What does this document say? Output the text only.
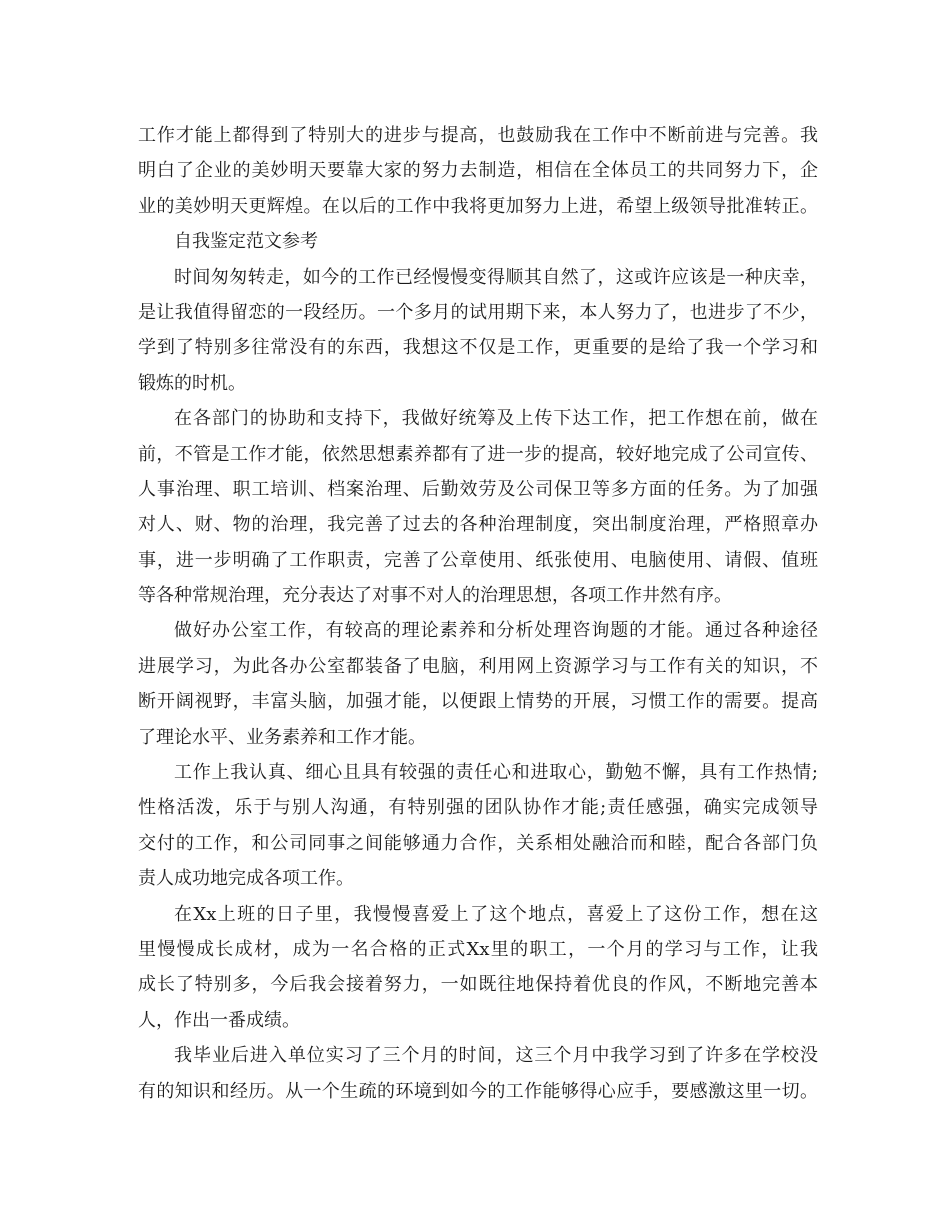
工作才能上都得到了特别大的进步与提高，也鼓励我在工作中不断前进与完善。我
明白了企业的美妙明天要靠大家的努力去制造，相信在全体员工的共同努力下，企
业的美妙明天更辉煌。在以后的工作中我将更加努力上进，希望上级领导批准转正。
自我鉴定范文参考
时间匆匆转走，如今的工作已经慢慢变得顺其自然了，这或许应该是一种庆幸，
是让我值得留恋的一段经历。一个多月的试用期下来，本人努力了，也进步了不少，
学到了特别多往常没有的东西，我想这不仅是工作，更重要的是给了我一个学习和
锻炼的时机。
在各部门的协助和支持下，我做好统筹及上传下达工作，把工作想在前，做在
前，不管是工作才能，依然思想素养都有了进一步的提高，较好地完成了公司宣传、
人事治理、职工培训、档案治理、后勤效劳及公司保卫等多方面的任务。为了加强
对人、财、物的治理，我完善了过去的各种治理制度，突出制度治理，严格照章办
事，进一步明确了工作职责，完善了公章使用、纸张使用、电脑使用、请假、值班
等各种常规治理，充分表达了对事不对人的治理思想，各项工作井然有序。
做好办公室工作，有较高的理论素养和分析处理咨询题的才能。通过各种途径
进展学习，为此各办公室都装备了电脑，利用网上资源学习与工作有关的知识，不
断开阔视野，丰富头脑，加强才能，以便跟上情势的开展，习惯工作的需要。提高
了理论水平、业务素养和工作才能。
工作上我认真、细心且具有较强的责任心和进取心，勤勉不懈，具有工作热情;
性格活泼，乐于与别人沟通，有特别强的团队协作才能;责任感强，确实完成领导
交付的工作，和公司同事之间能够通力合作，关系相处融洽而和睦，配合各部门负
责人成功地完成各项工作。
在Xx上班的日子里，我慢慢喜爱上了这个地点，喜爱上了这份工作，想在这
里慢慢成长成材，成为一名合格的正式Xx里的职工，一个月的学习与工作，让我
成长了特别多，今后我会接着努力，一如既往地保持着优良的作风，不断地完善本
人，作出一番成绩。
我毕业后进入单位实习了三个月的时间，这三个月中我学习到了许多在学校没
有的知识和经历。从一个生疏的环境到如今的工作能够得心应手，要感激这里一切。
